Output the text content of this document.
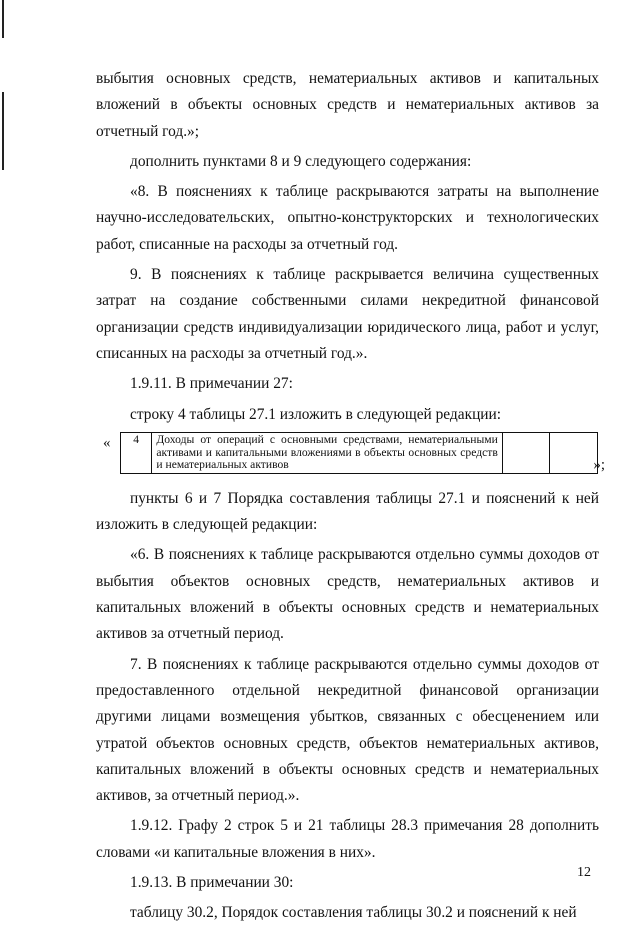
выбытия основных средств, нематериальных активов и капитальных вложений в объекты основных средств и нематериальных активов за отчетный год.»;

дополнить пунктами 8 и 9 следующего содержания:

«8. В пояснениях к таблице раскрываются затраты на выполнение научно-исследовательских, опытно-конструкторских и технологических работ, списанные на расходы за отчетный год.

9. В пояснениях к таблице раскрывается величина существенных затрат на создание собственными силами некредитной финансовой организации средств индивидуализации юридического лица, работ и услуг, списанных на расходы за отчетный год.».

1.9.11. В примечании 27:

строку 4 таблицы 27.1 изложить в следующей редакции:

« 4	Доходы от операций с основными средствами, нематериальными активами и капитальными вложениями в объекты основных средств и нематериальных активов			»;

пункты 6 и 7 Порядка составления таблицы 27.1 и пояснений к ней изложить в следующей редакции:

«6. В пояснениях к таблице раскрываются отдельно суммы доходов от выбытия объектов основных средств, нематериальных активов и капитальных вложений в объекты основных средств и нематериальных активов за отчетный период.

7. В пояснениях к таблице раскрываются отдельно суммы доходов от предоставленного отдельной некредитной финансовой организации другими лицами возмещения убытков, связанных с обесценением или утратой объектов основных средств, объектов нематериальных активов, капитальных вложений в объекты основных средств и нематериальных активов, за отчетный период.».

1.9.12. Графу 2 строк 5 и 21 таблицы 28.3 примечания 28 дополнить словами «и капитальные вложения в них».

1.9.13. В примечании 30:

таблицу 30.2, Порядок составления таблицы 30.2 и пояснений к ней

12
